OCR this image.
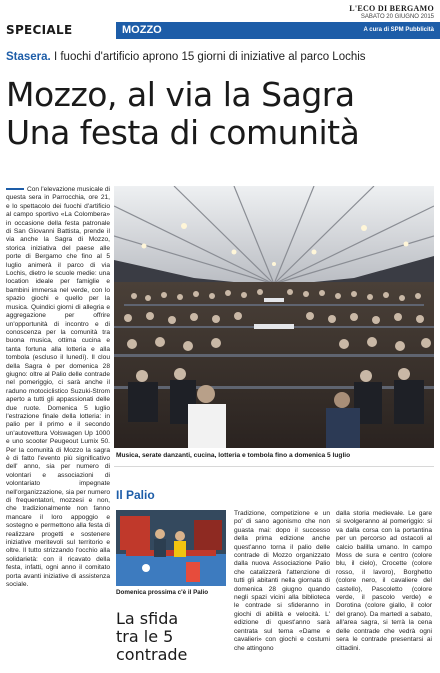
L'ECO DI BERGAMO
SABATO 20 GIUGNO 2015
SPECIALE	MOZZO	A cura di SPM Pubblicità
Stasera. I fuochi d'artificio aprono 15 giorni di iniziative al parco Lochis
Mozzo, al via la Sagra
Una festa di comunità
Con l'elevazione musicale di questa sera in Parrocchia, ore 21, e lo spettacolo dei fuochi d'artificio al campo sportivo «La Colombera» in occasione della festa patronale di San Giovanni Battista, prende il via anche la Sagra di Mozzo, storica iniziativa del paese alle porte di Bergamo che fino al 5 luglio animerà il parco di via Lochis, dietro le scuole medie: una location ideale per famiglie e bambini immersa nel verde, con lo spazio giochi e quello per la musica. Quindici giorni di allegria e aggregazione per offrire un'opportunità di incontro e di conoscenza per la comunità tra buona musica, ottima cucina e tanta fortuna alla lotteria e alla tombola (escluso il lunedì). Il clou della Sagra è per domenica 28 giugno: oltre al Palio delle contrade nel pomeriggio, ci sarà anche il raduno motociclistico Suzuki-Strom aperto a tutti gli appassionati delle due ruote. Domenica 5 luglio l'estrazione finale della lotteria: in palio per il primo e il secondo un'autovettura Volswagen Up 1000 e uno scooter Peugeout Lumix 50. Per la comunità di Mozzo la sagra è di fatto l'evento più significativo dell' anno, sia per numero di volontari e associazioni di volontariato impegnate nell'organizzazione, sia per numero di frequentatori, mozzesi e non, che tradizionalmente non fanno mancare il loro appoggio e sostegno e permettono alla festa di realizzare progetti e sostenere iniziative meritevoli sul territorio e oltre. Il tutto strizzando l'occhio alla solidarietà: con il ricavato della festa, infatti, ogni anno il comitato porta avanti iniziative di assistenza sociale.
Musica, serate danzanti, cucina, lotteria e tombola fino a domenica 5 luglio
Il Palio
Domenica prossima c'è il Palio
La sfida
tra le 5
contrade
Tradizione, competizione e un po' di sano agonismo che non guasta mai: dopo il successo della prima edizione anche quest'anno torna il palio delle contrade di Mozzo organizzato dalla nuova Associazione Palio che catalizzerà l'attenzione di tutti gli abitanti nella giornata di domenica 28 giugno quando negli spazi vicini alla biblioteca le contrade si sfideranno in giochi di abilità e velocità. L' edizione di quest'anno sarà centrata sul tema «Dame e cavalieri» con giochi e costumi che attingono
dalla storia medievale. Le gare si svolgeranno al pomeriggio: si va dalla corsa con la portantina per un percorso ad ostacoli al calcio balilla umano. In campo Moss de sura e centro (colore blu, il cielo), Crocette (colore rosso, il lavoro), Borghetto (colore nero, il cavaliere del castello), Pascoletto (colore verde, il pascolo verde) e Dorotina (colore giallo, il color del grano). Da martedì a sabato, all'area sagra, si terrà la cena delle contrade che vedrà ogni sera le contrade presentarsi ai cittadini.
